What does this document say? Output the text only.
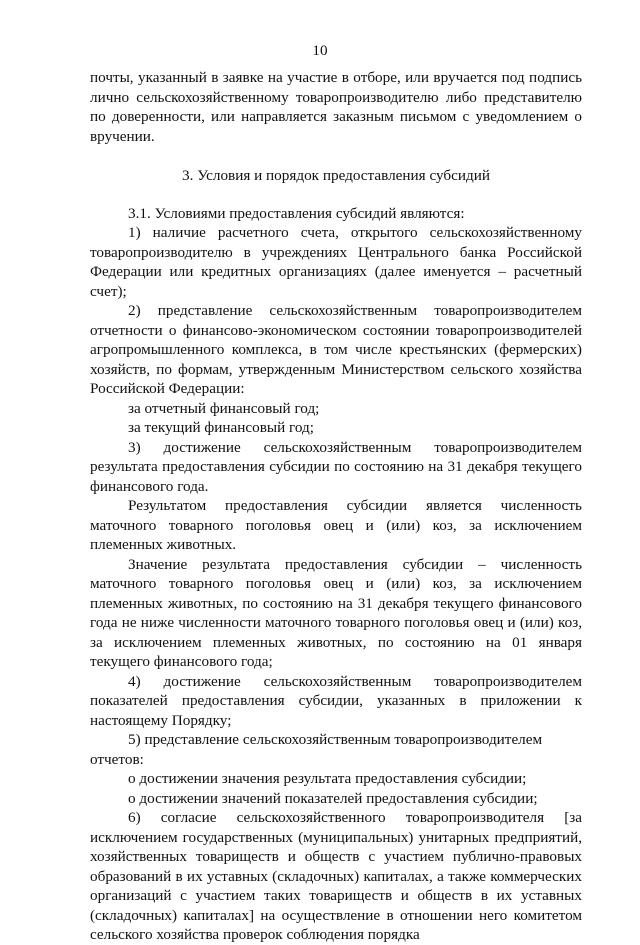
10

почты, указанный в заявке на участие в отборе, или вручается под подпись лично сельскохозяйственному товаропроизводителю либо представителю по доверенности, или направляется заказным письмом с уведомлением о вручении.

3. Условия и порядок предоставления субсидий

3.1. Условиями предоставления субсидий являются:

1) наличие расчетного счета, открытого сельскохозяйственному товаропроизводителю в учреждениях Центрального банка Российской Федерации или кредитных организациях (далее именуется – расчетный счет);

2) представление сельскохозяйственным товаропроизводителем отчетности о финансово-экономическом состоянии товаропроизводителей агропромышленного комплекса, в том числе крестьянских (фермерских) хозяйств, по формам, утвержденным Министерством сельского хозяйства Российской Федерации:

за отчетный финансовый год;

за текущий финансовый год;

3) достижение сельскохозяйственным товаропроизводителем результата предоставления субсидии по состоянию на 31 декабря текущего финансового года.

Результатом предоставления субсидии является численность маточного товарного поголовья овец и (или) коз, за исключением племенных животных.

Значение результата предоставления субсидии – численность маточного товарного поголовья овец и (или) коз, за исключением племенных животных, по состоянию на 31 декабря текущего финансового года не ниже численности маточного товарного поголовья овец и (или) коз, за исключением племенных животных, по состоянию на 01 января текущего финансового года;

4) достижение сельскохозяйственным товаропроизводителем показателей предоставления субсидии, указанных в приложении к настоящему Порядку;

5) представление сельскохозяйственным товаропроизводителем отчетов:

о достижении значения результата предоставления субсидии;

о достижении значений показателей предоставления субсидии;

6) согласие сельскохозяйственного товаропроизводителя [за исключением государственных (муниципальных) унитарных предприятий, хозяйственных товариществ и обществ с участием публично-правовых образований в их уставных (складочных) капиталах, а также коммерческих организаций с участием таких товариществ и обществ в их уставных (складочных) капиталах] на осуществление в отношении него комитетом сельского хозяйства проверок соблюдения порядка
